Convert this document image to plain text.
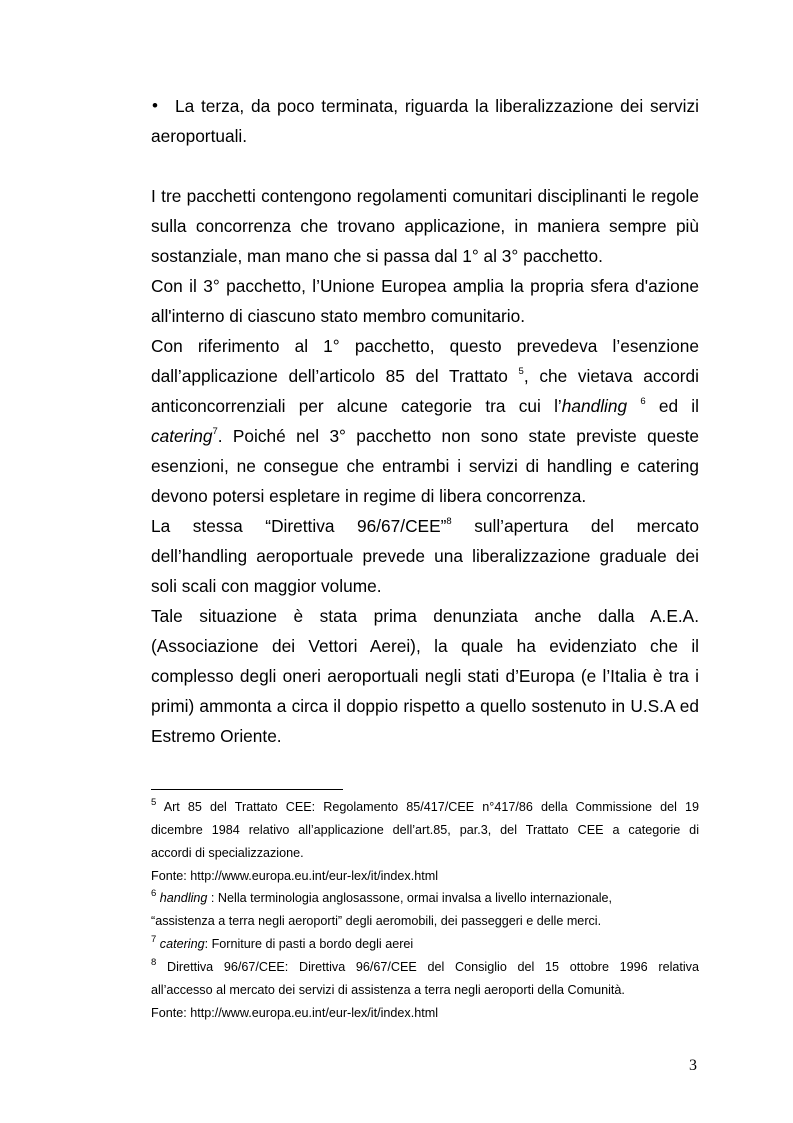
• La terza, da poco terminata, riguarda la liberalizzazione dei servizi
aeroportuali.
I tre pacchetti contengono regolamenti comunitari disciplinanti le regole
sulla concorrenza che trovano applicazione, in maniera sempre più
sostanziale, man mano che si passa dal 1° al 3° pacchetto.
Con il 3° pacchetto, l’Unione Europea amplia la propria sfera d'azione
all'interno di ciascuno stato membro comunitario.
Con riferimento al 1° pacchetto, questo prevedeva l’esenzione
dall’applicazione dell’articolo 85 del Trattato $^5$, che vietava accordi
anticoncorrenziali per alcune categorie tra cui l’handling $^6$ ed il
catering$^7$. Poiché nel 3° pacchetto non sono state previste queste
esenzioni, ne consegue che entrambi i servizi di handling e catering
devono potersi espletare in regime di libera concorrenza.
La stessa “Direttiva 96/67/CEE”$^8$ sull’apertura del mercato
dell’handling aeroportuale prevede una liberalizzazione graduale dei
soli scali con maggior volume.
Tale situazione è stata prima denunziata anche dalla A.E.A.
(Associazione dei Vettori Aerei), la quale ha evidenziato che il
complesso degli oneri aeroportuali negli stati d’Europa (e l’Italia è tra i
primi) ammonta a circa il doppio rispetto a quello sostenuto in U.S.A ed
Estremo Oriente.
$^5$ Art 85 del Trattato CEE: Regolamento 85/417/CEE n°417/86 della Commissione del 19
dicembre 1984 relativo all’applicazione dell’art.85, par.3, del Trattato CEE a categorie di
accordi di specializzazione.
Fonte: http://www.europa.eu.int/eur-lex/it/index.html
$^6$ handling : Nella terminologia anglosassone, ormai invalsa a livello internazionale,
“assistenza a terra negli aeroporti” degli aeromobili, dei passeggeri e delle merci.
$^7$ catering: Forniture di pasti a bordo degli aerei
$^8$ Direttiva 96/67/CEE: Direttiva 96/67/CEE del Consiglio del 15 ottobre 1996 relativa
all’accesso al mercato dei servizi di assistenza a terra negli aeroporti della Comunità.
Fonte: http://www.europa.eu.int/eur-lex/it/index.html
3
